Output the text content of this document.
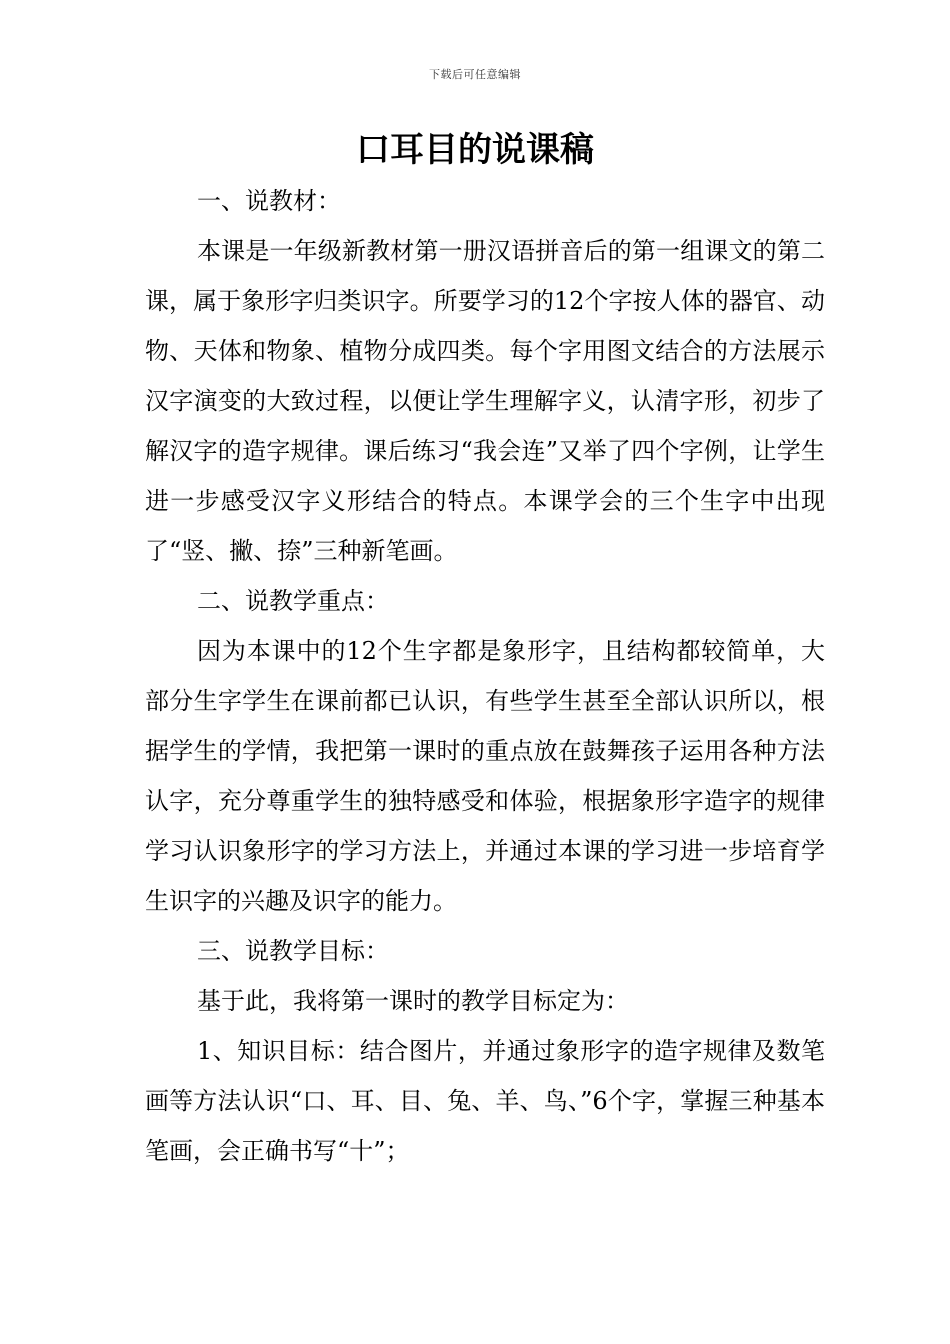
下载后可任意编辑
口耳目的说课稿

一、说教材：

本课是一年级新教材第一册汉语拼音后的第一组课文的第二课，属于象形字归类识字。所要学习的12个字按人体的器官、动物、天体和物象、植物分成四类。每个字用图文结合的方法展示汉字演变的大致过程，以便让学生理解字义，认清字形，初步了解汉字的造字规律。课后练习“我会连”又举了四个字例，让学生进一步感受汉字义形结合的特点。本课学会的三个生字中出现了“竖、撇、捺”三种新笔画。

二、说教学重点：

因为本课中的12个生字都是象形字，且结构都较简单，大部分生字学生在课前都已认识，有些学生甚至全部认识所以，根据学生的学情，我把第一课时的重点放在鼓舞孩子运用各种方法认字，充分尊重学生的独特感受和体验，根据象形字造字的规律学习认识象形字的学习方法上，并通过本课的学习进一步培育学生识字的兴趣及识字的能力。

三、说教学目标：

基于此，我将第一课时的教学目标定为：

1、知识目标：结合图片，并通过象形字的造字规律及数笔画等方法认识“口、耳、目、兔、羊、鸟、”6个字，掌握三种基本笔画，会正确书写“十”；
